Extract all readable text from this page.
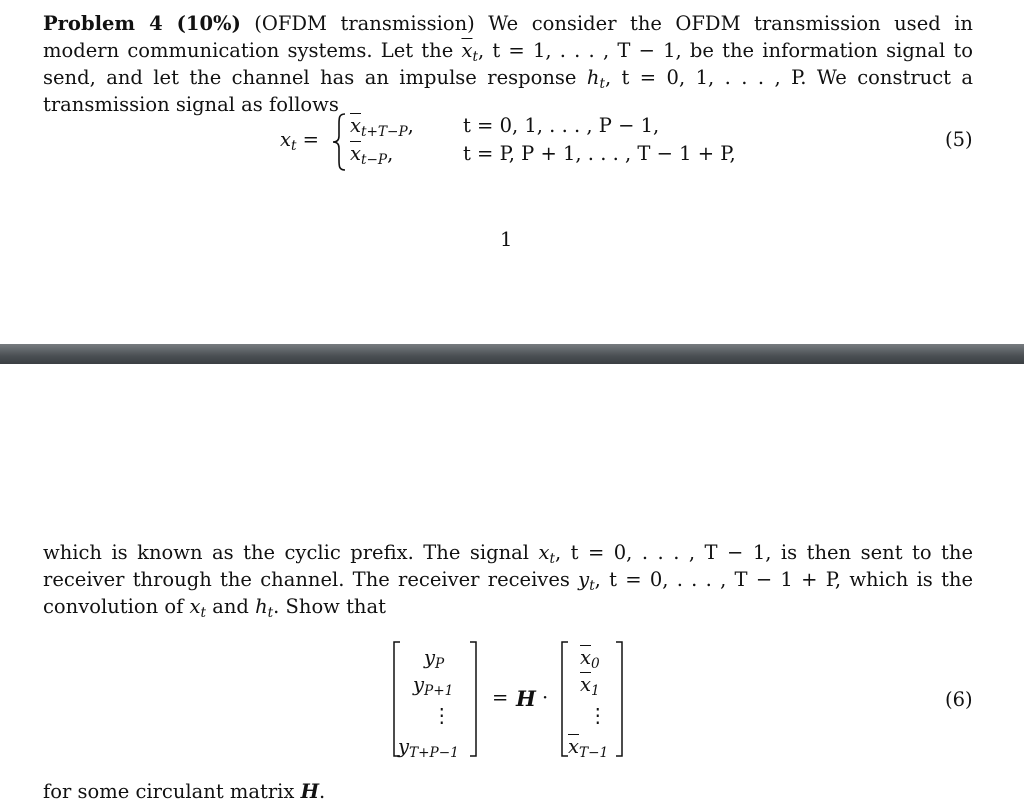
Problem 4 (10%) (OFDM transmission) We consider the OFDM transmission used in modern communication systems. Let the $\overline{x}_t$, t = 1, . . . , T − 1, be the information signal to send, and let the channel has an impulse response $h_t$, t = 0, 1, . . . , P. We construct a transmission signal as follows
$x_t$ =
$\overline{x}_{t+T-P}$,	t = 0, 1, . . . , P − 1,
$\overline{x}_{t-P}$,	t = P, P + 1, . . . , T − 1 + P,
(5)
1
which is known as the cyclic prefix. The signal $x_t$, t = 0, . . . , T − 1, is then sent to the receiver through the channel. The receiver receives $y_t$, t = 0, . . . , T − 1 + P, which is the convolution of $x_t$ and $h_t$. Show that
$y_P$
$y_{P+1}$
⋮
$y_{T+P-1}$
= H ·
$\overline{x}_0$
$\overline{x}_1$
⋮
$\overline{x}_{T-1}$
(6)
for some circulant matrix H.
